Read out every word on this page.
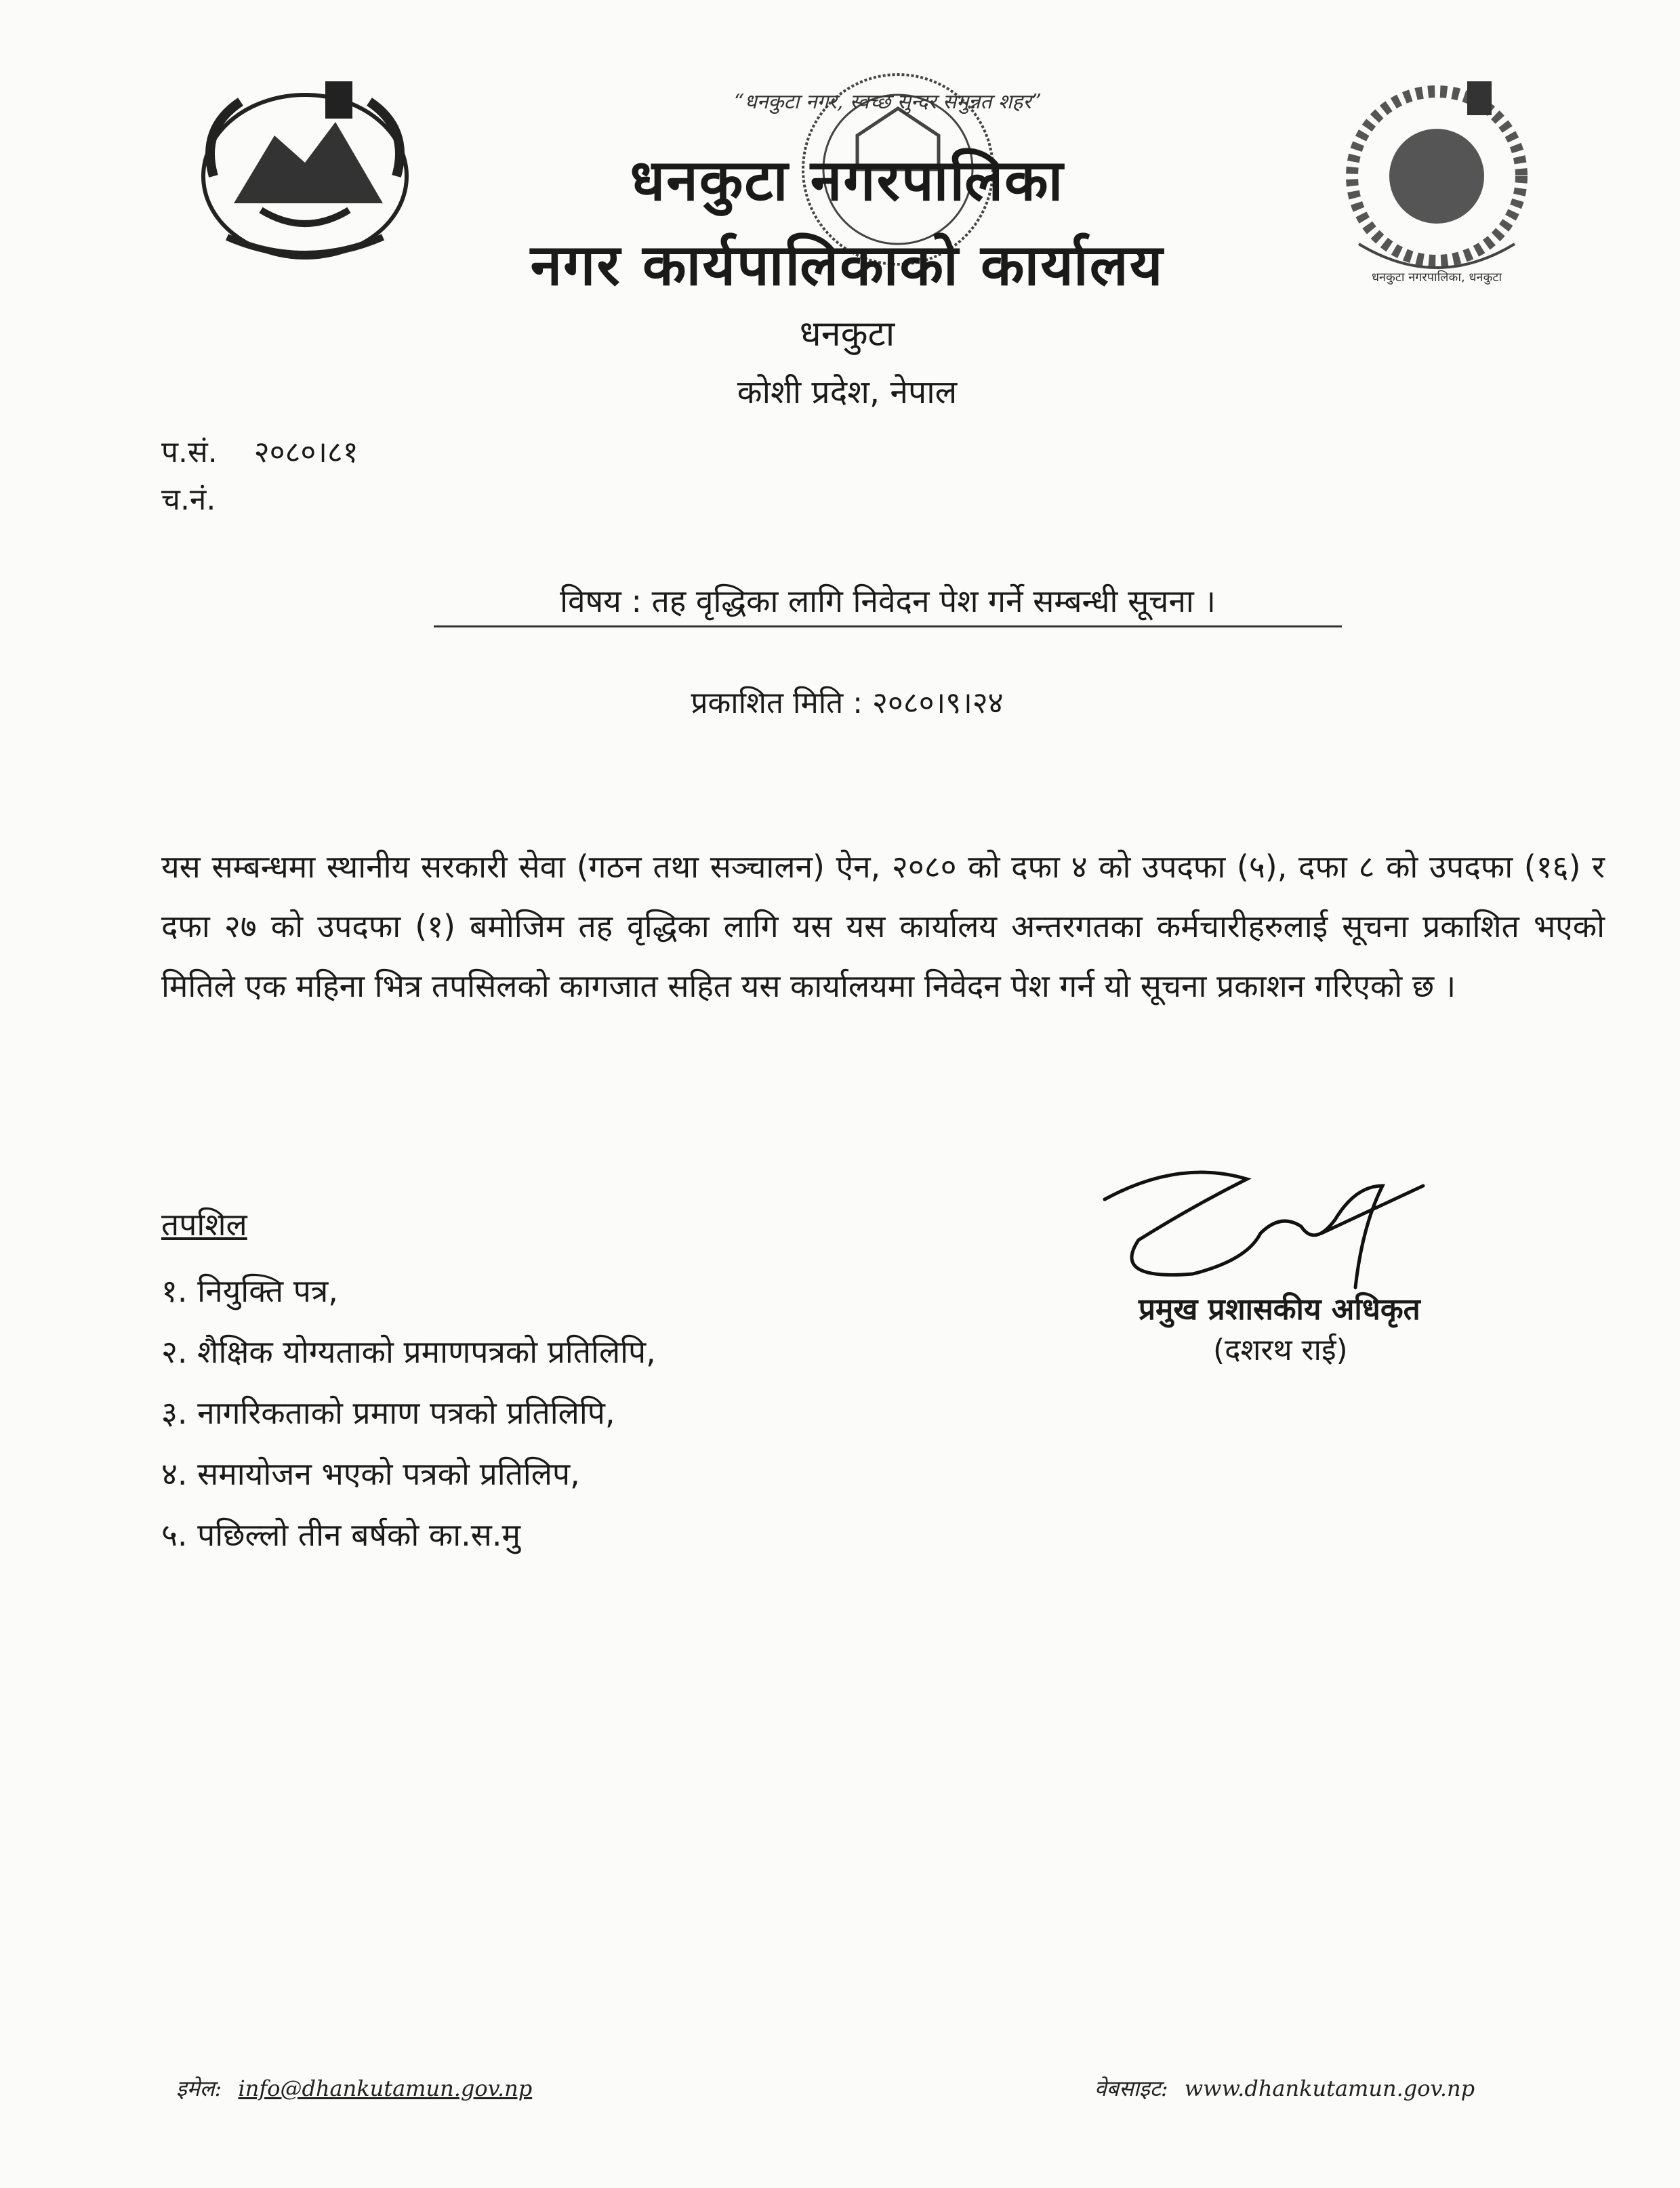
धनकुटा नगरपालिका, धनकुटा
“धनकुटा नगर, स्वच्छ सुन्दर समुन्नत शहर”
धनकुटा नगरपालिका
नगर कार्यपालिकाको कार्यालय
धनकुटा
कोशी प्रदेश, नेपाल
प.सं. २०८०।८१
च.नं.
विषय : तह वृद्धिका लागि निवेदन पेश गर्ने सम्बन्धी सूचना ।
प्रकाशित मिति : २०८०।९।२४
यस सम्बन्धमा स्थानीय सरकारी सेवा (गठन तथा सञ्चालन) ऐन, २०८० को दफा ४ को उपदफा (५), दफा ८ को उपदफा (१६) र दफा २७ को उपदफा (१) बमोजिम तह वृद्धिका लागि यस यस कार्यालय अन्तरगतका कर्मचारीहरुलाई सूचना प्रकाशित भएको मितिले एक महिना भित्र तपसिलको कागजात सहित यस कार्यालयमा निवेदन पेश गर्न यो सूचना प्रकाशन गरिएको छ ।
तपशिल
१. नियुक्ति पत्र,
२. शैक्षिक योग्यताको प्रमाणपत्रको प्रतिलिपि,
३. नागरिकताको प्रमाण पत्रको प्रतिलिपि,
४. समायोजन भएको पत्रको प्रतिलिप,
५. पछिल्लो तीन बर्षको का.स.मु
प्रमुख प्रशासकीय अधिकृत
(दशरथ राई)
इमेल: info@dhankutamun.gov.np	वेबसाइट: www.dhankutamun.gov.np
